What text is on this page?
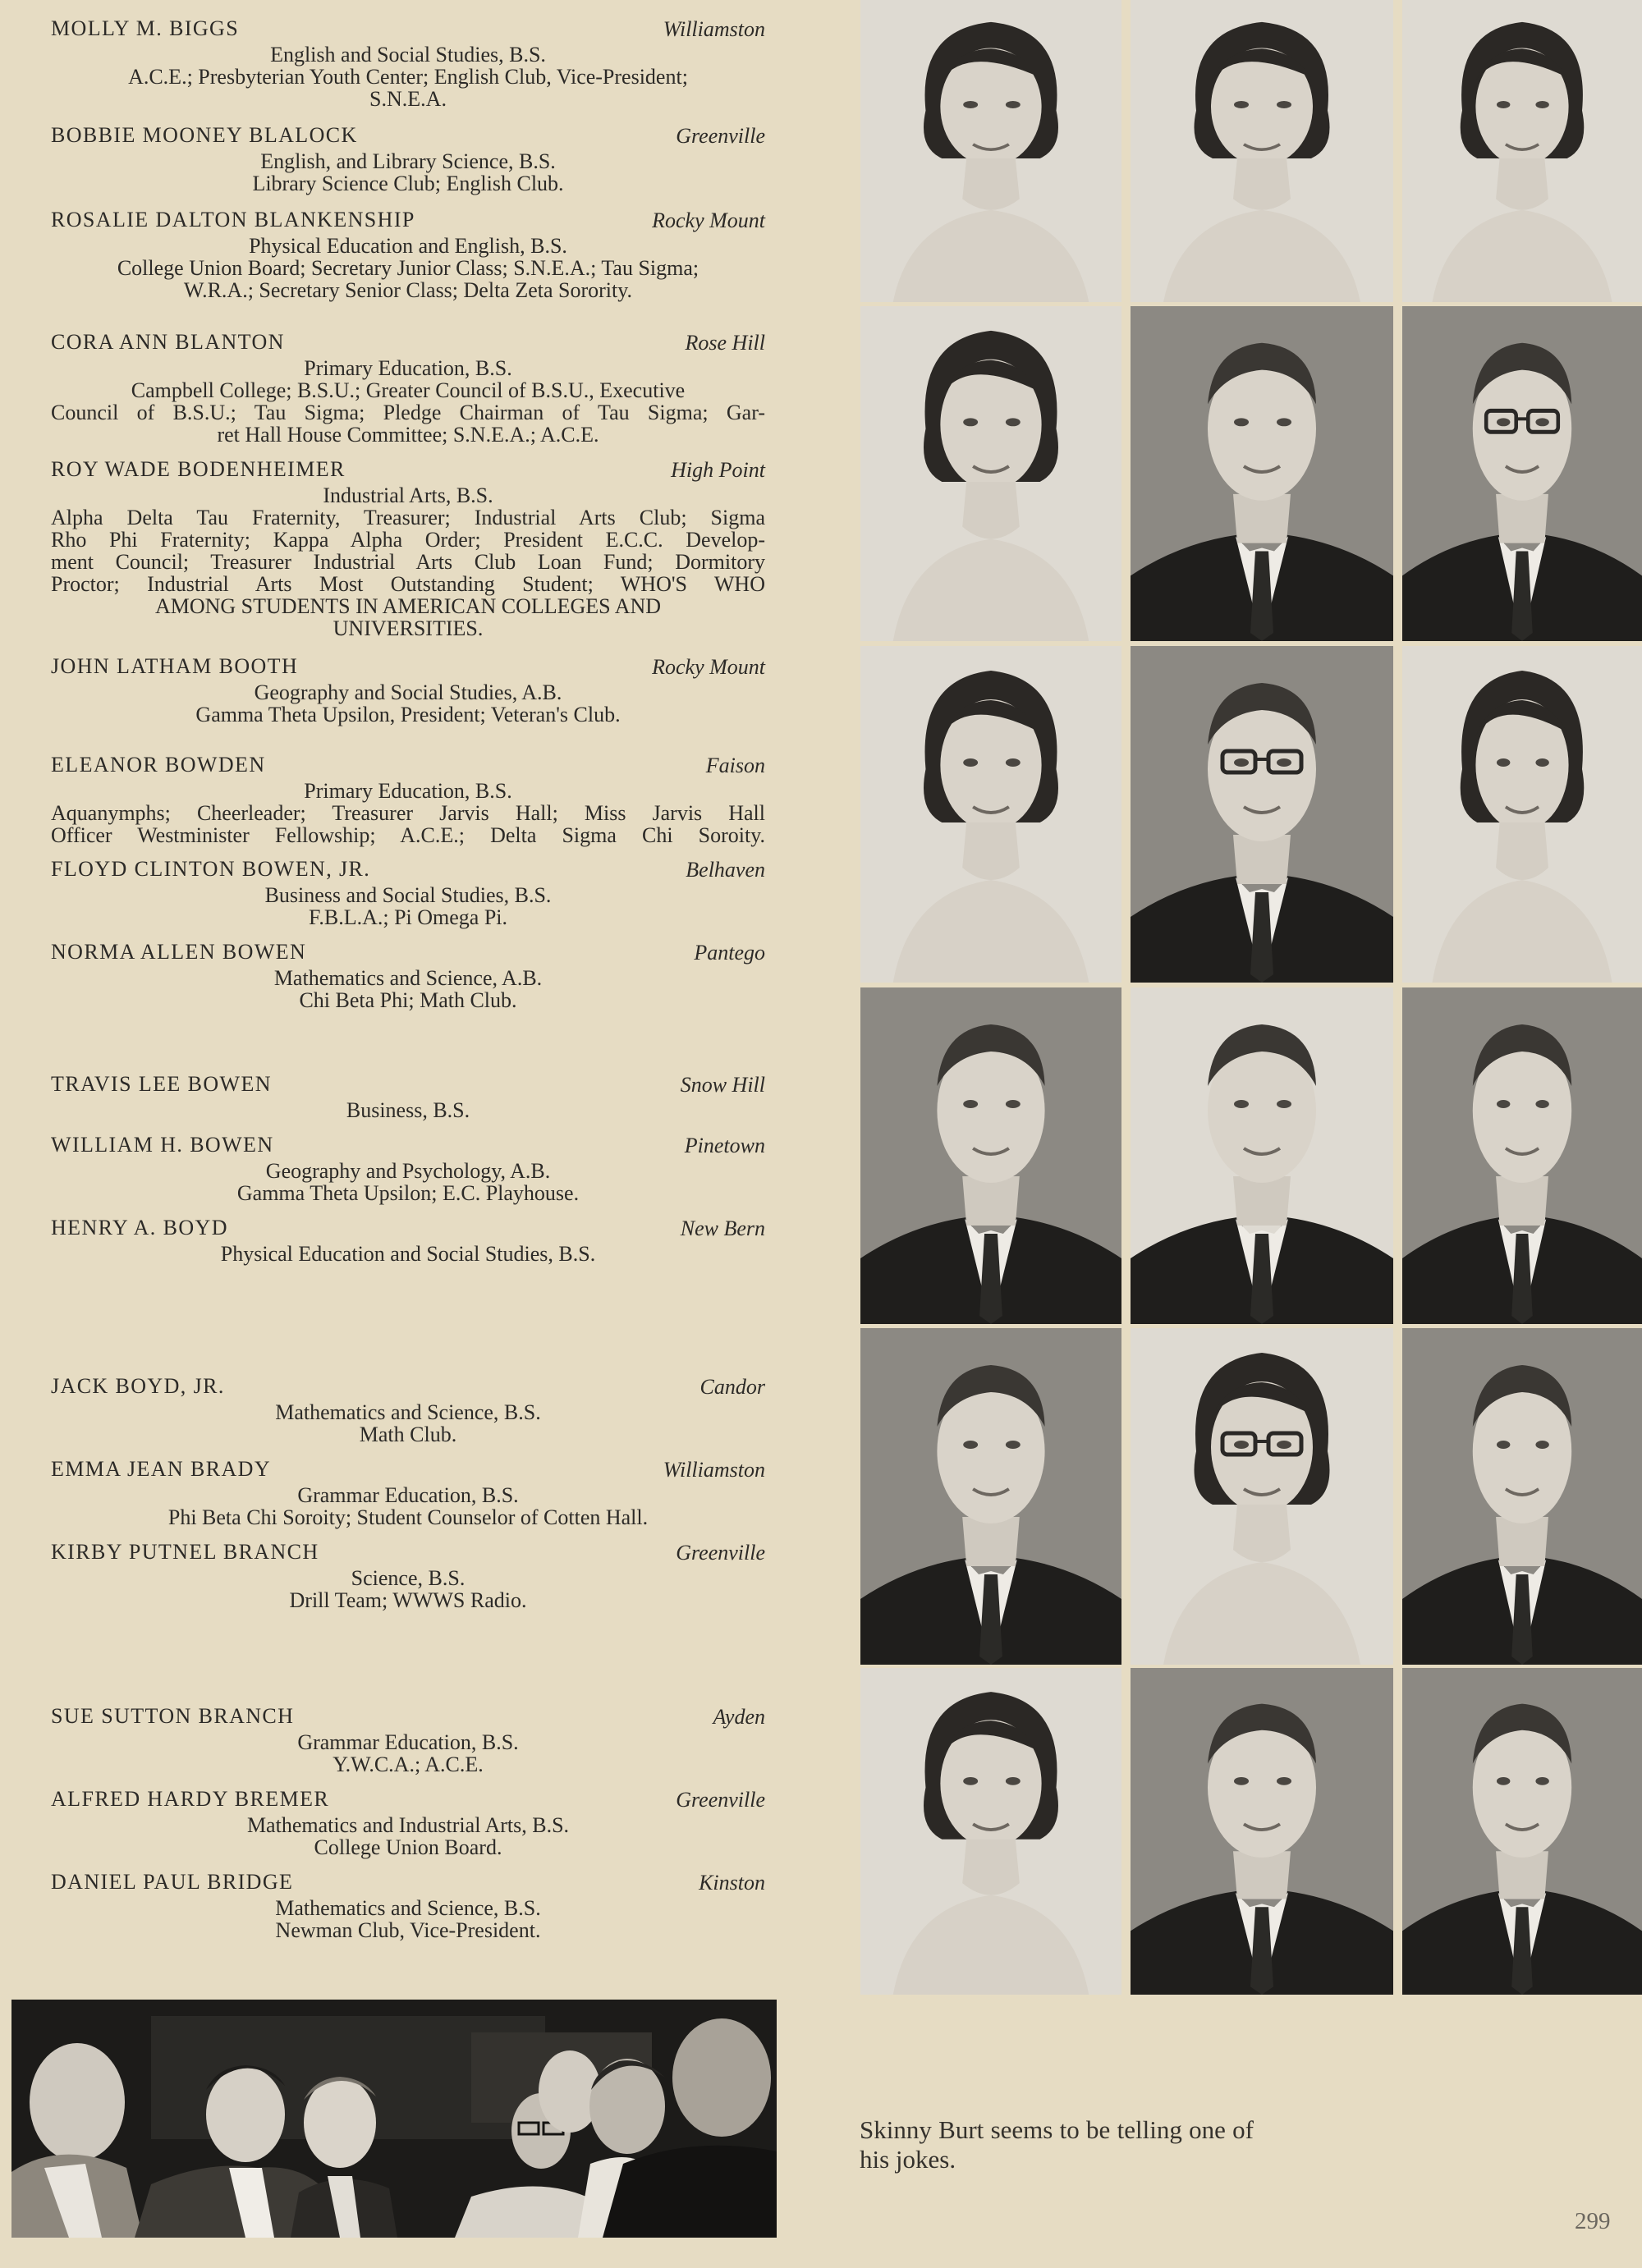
MOLLY M. BIGGS	Williamston
English and Social Studies, B.S.
A.C.E.; Presbyterian Youth Center; English Club, Vice-President;
S.N.E.A.
BOBBIE MOONEY BLALOCK	Greenville
English, and Library Science, B.S.
Library Science Club; English Club.
ROSALIE DALTON BLANKENSHIP	Rocky Mount
Physical Education and English, B.S.
College Union Board; Secretary Junior Class; S.N.E.A.; Tau Sigma;
W.R.A.; Secretary Senior Class; Delta Zeta Sorority.
CORA ANN BLANTON	Rose Hill
Primary Education, B.S.
Campbell College; B.S.U.; Greater Council of B.S.U., Executive
Council of B.S.U.; Tau Sigma; Pledge Chairman of Tau Sigma; Gar-
ret Hall House Committee; S.N.E.A.; A.C.E.
ROY WADE BODENHEIMER	High Point
Industrial Arts, B.S.
Alpha Delta Tau Fraternity, Treasurer; Industrial Arts Club; Sigma
Rho Phi Fraternity; Kappa Alpha Order; President E.C.C. Develop-
ment Council; Treasurer Industrial Arts Club Loan Fund; Dormitory
Proctor; Industrial Arts Most Outstanding Student; WHO'S WHO
AMONG STUDENTS IN AMERICAN COLLEGES AND
UNIVERSITIES.
JOHN LATHAM BOOTH	Rocky Mount
Geography and Social Studies, A.B.
Gamma Theta Upsilon, President; Veteran's Club.
ELEANOR BOWDEN	Faison
Primary Education, B.S.
Aquanymphs; Cheerleader; Treasurer Jarvis Hall; Miss Jarvis Hall
Officer Westminister Fellowship; A.C.E.; Delta Sigma Chi Soroity.
FLOYD CLINTON BOWEN, JR.	Belhaven
Business and Social Studies, B.S.
F.B.L.A.; Pi Omega Pi.
NORMA ALLEN BOWEN	Pantego
Mathematics and Science, A.B.
Chi Beta Phi; Math Club.
TRAVIS LEE BOWEN	Snow Hill
Business, B.S.
WILLIAM H. BOWEN	Pinetown
Geography and Psychology, A.B.
Gamma Theta Upsilon; E.C. Playhouse.
HENRY A. BOYD	New Bern
Physical Education and Social Studies, B.S.
JACK BOYD, JR.	Candor
Mathematics and Science, B.S.
Math Club.
EMMA JEAN BRADY	Williamston
Grammar Education, B.S.
Phi Beta Chi Soroity; Student Counselor of Cotten Hall.
KIRBY PUTNEL BRANCH	Greenville
Science, B.S.
Drill Team; WWWS Radio.
SUE SUTTON BRANCH	Ayden
Grammar Education, B.S.
Y.W.C.A.; A.C.E.
ALFRED HARDY BREMER	Greenville
Mathematics and Industrial Arts, B.S.
College Union Board.
DANIEL PAUL BRIDGE	Kinston
Mathematics and Science, B.S.
Newman Club, Vice-President.
Skinny Burt seems to be telling one of his jokes.
299
